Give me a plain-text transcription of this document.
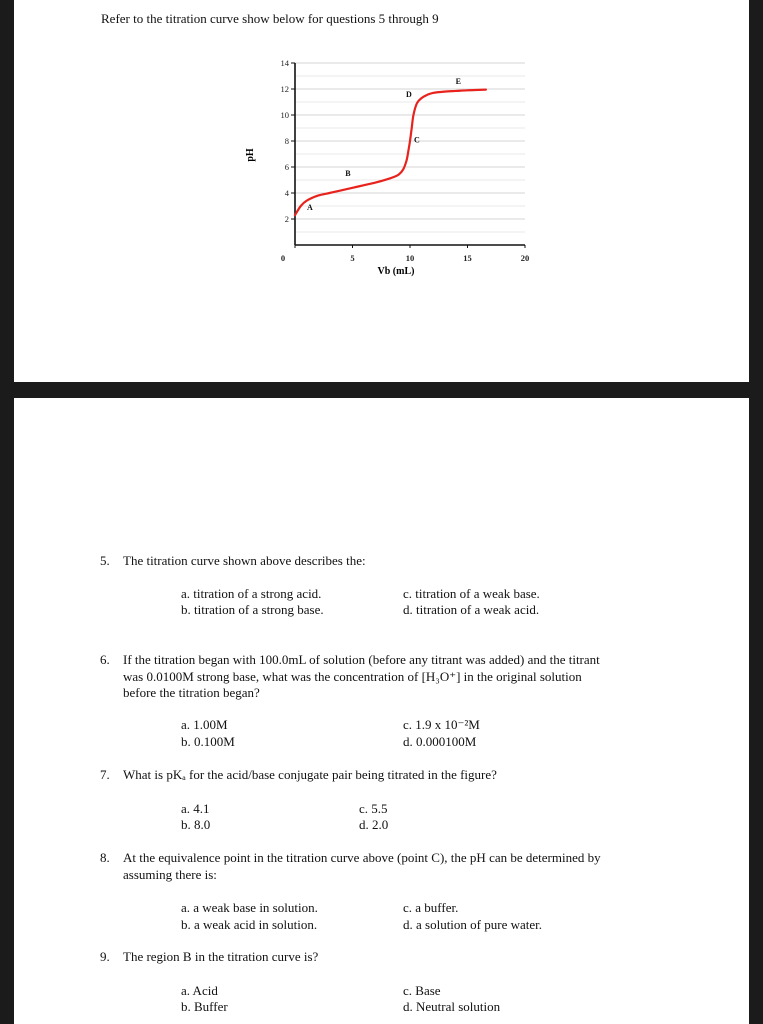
Refer to the titration curve show below for questions 5 through 9
2
4
6
8
10
12
14
0	5	10	15	20
A
B
C
D
E
Vb (mL)
pH
5. The titration curve shown above describes the:
a. titration of a strong acid.
b. titration of a strong base.
c. titration of a weak base.
d. titration of a weak acid.
6. If the titration began with 100.0mL of solution (before any titrant was added) and the titrant
was 0.0100M strong base, what was the concentration of [H₃O⁺] in the original solution
before the titration began?
a. 1.00M
b. 0.100M
c. 1.9 x 10⁻²M
d. 0.000100M
7. What is pKₐ for the acid/base conjugate pair being titrated in the figure?
a. 4.1
b. 8.0
c. 5.5
d. 2.0
8. At the equivalence point in the titration curve above (point C), the pH can be determined by
assuming there is:
a. a weak base in solution.
b. a weak acid in solution.
c. a buffer.
d. a solution of pure water.
9. The region B in the titration curve is?
a. Acid
b. Buffer
c. Base
d. Neutral solution
